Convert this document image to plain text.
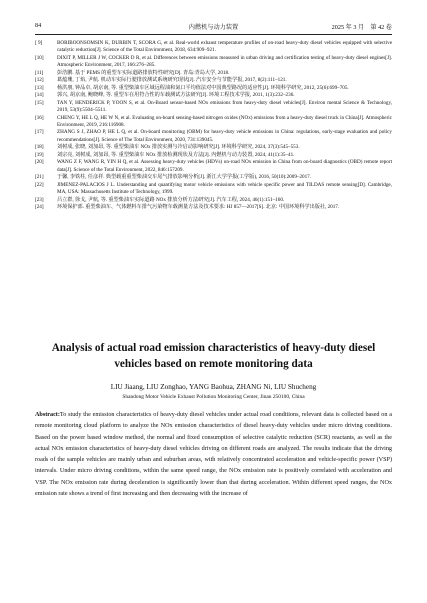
84	内燃机与动力装置	2025 年 3 月　第 42 卷
[ 9]	BORIBOONSOMSIN K, DURBIN T, SCORA G, et al. Real-world exhaust temperature profiles of on-road heavy-duty diesel vehicles equipped with selective catalytic reduction[J]. Science of the Total Environment, 2018, 634:909–921.
[10]	DIXIT P, MILLER J W, COCKER D R, et al. Differences between emissions measured in urban driving and certification testing of heavy-duty diesel engines[J]. Atmospheric Environment, 2017, 166:276–285.
[11]	彭浩鹏. 基于 PEMS 的重型车实际道路排放特性研究[D]. 青岛:青岛大学, 2018.
[12]	葛蕴珊, 丁焰, 尹航. 机动车实际行驶排放测试系统研究现状[J]. 汽车安全与节能学报, 2017, 8(2):111–121.
[13]	杨洪朋, 钟品卓, 胡京南, 等. 重型柴油车区域远程油和氮口平均值法对中国典型路况的适应性[J]. 环境科学研究, 2012, 25(6):699–705.
[14]	郭兴, 胡京南, 鲍晓峰, 等. 重型车在用符合性的车载测试方法研究[J]. 环境工程技术学报, 2011, 1(3):232–236.
[15]	TAN Y, HENDERICK P, YOON S, et al. On-Board sensor-based NOx emissions from heavy-duty diesel vehicles[J]. Environ mental Science & Technology, 2019, 53(9):5504–5511.
[16]	CHENG Y, HE L Q, HE W N, et al. Evaluating on-board sensing-based nitrogen oxides (NOx) emissions from a heavy-duty diesel truck in China[J]. Atmospheric Environment, 2019, 216:116908.
[17]	ZHANG S J, ZHAO P, HE L Q, et al. On-board monitoring (OBM) for heavy-duty vehicle emissions in China: regulations, early-stage evaluation and policy recommendations[J]. Science of The Total Environment, 2020, 731:139045.
[18]	刘树成, 张晓, 刘加昂, 等. 重型柴油车 NOx 排放实测与冷启动影响研究[J]. 环境科学研究, 2024, 37(3):545–553.
[19]	刘宗亮, 刘树成, 刘加昂, 等. 重型柴油车 NOx 排放检测现状及方法[J]. 内燃机与动力装置, 2024, 41(1):35–41.
[20]	WANG Z F, WANG R, YIN H Q, et al. Assessing heavy-duty vehicles (HDVs) on-road NOx emission in China from on-board diagnostics (OBD) remote report data[J]. Science of the Total Environment, 2022, 846:157209.
[21]	于馨, 李铁柱, 任彦祥. 典型载重重型柴油交车尾气排放影响分析[J]. 浙江大学学报(工学版), 2016, 50(10):2009–2017.
[22]	JIMENEZ-PALACIOS J L. Understanding and quantifying motor vehicle emissions with vehicle specific power and TILDAS remote sensing[D]. Cambridge, MA, USA: Massachusetts Institute of Technology, 1999.
[23]	吕立群, 徐戈, 尹航, 等. 重型柴油车实际道路 NOx 排放分析方法研究[J]. 汽车工程, 2024, 46(1):151–160.
[24]	环境保护部. 重型柴油车、气体燃料车排气污染物车载测量方法及技术要求: HJ 857—2017[S]. 北京: 中国环境科学出版社, 2017.
Analysis of actual road emission characteristics of heavy-duty diesel vehicles based on remote monitoring data
LIU Jiaang, LIU Zonghao, YANG Baohua, ZHANG Ni, LIU Shucheng
Shandong Motor Vehicle Exhaust Pollution Monitoring Center, Jinan 250100, China
Abstract:To study the emission characteristics of heavy-duty diesel vehicles under actual road conditions, relevant data is collected based on a remote monitoring cloud platform to analyze the NOx emission characteristics of diesel heavy-duty vehicles under micro driving conditions. Based on the power based window method, the normal and fixed consumption of selective catalytic reduction (SCR) reactants, as well as the actual NOx emission characteristics of heavy-duty diesel vehicles driving on different roads are analyzed. The results indicate that the driving roads of the sample vehicles are mainly urban and suburban areas, with relatively concentrated acceleration and vehicle-specific power (VSP) intervals. Under micro driving conditions, within the same speed range, the NOx emission rate is positively correlated with acceleration and VSP. The NOx emission rate during deceleration is significantly lower than that during acceleration. Within different speed ranges, the NOx emission rate shows a trend of first increasing and then decreasing with the increase of
